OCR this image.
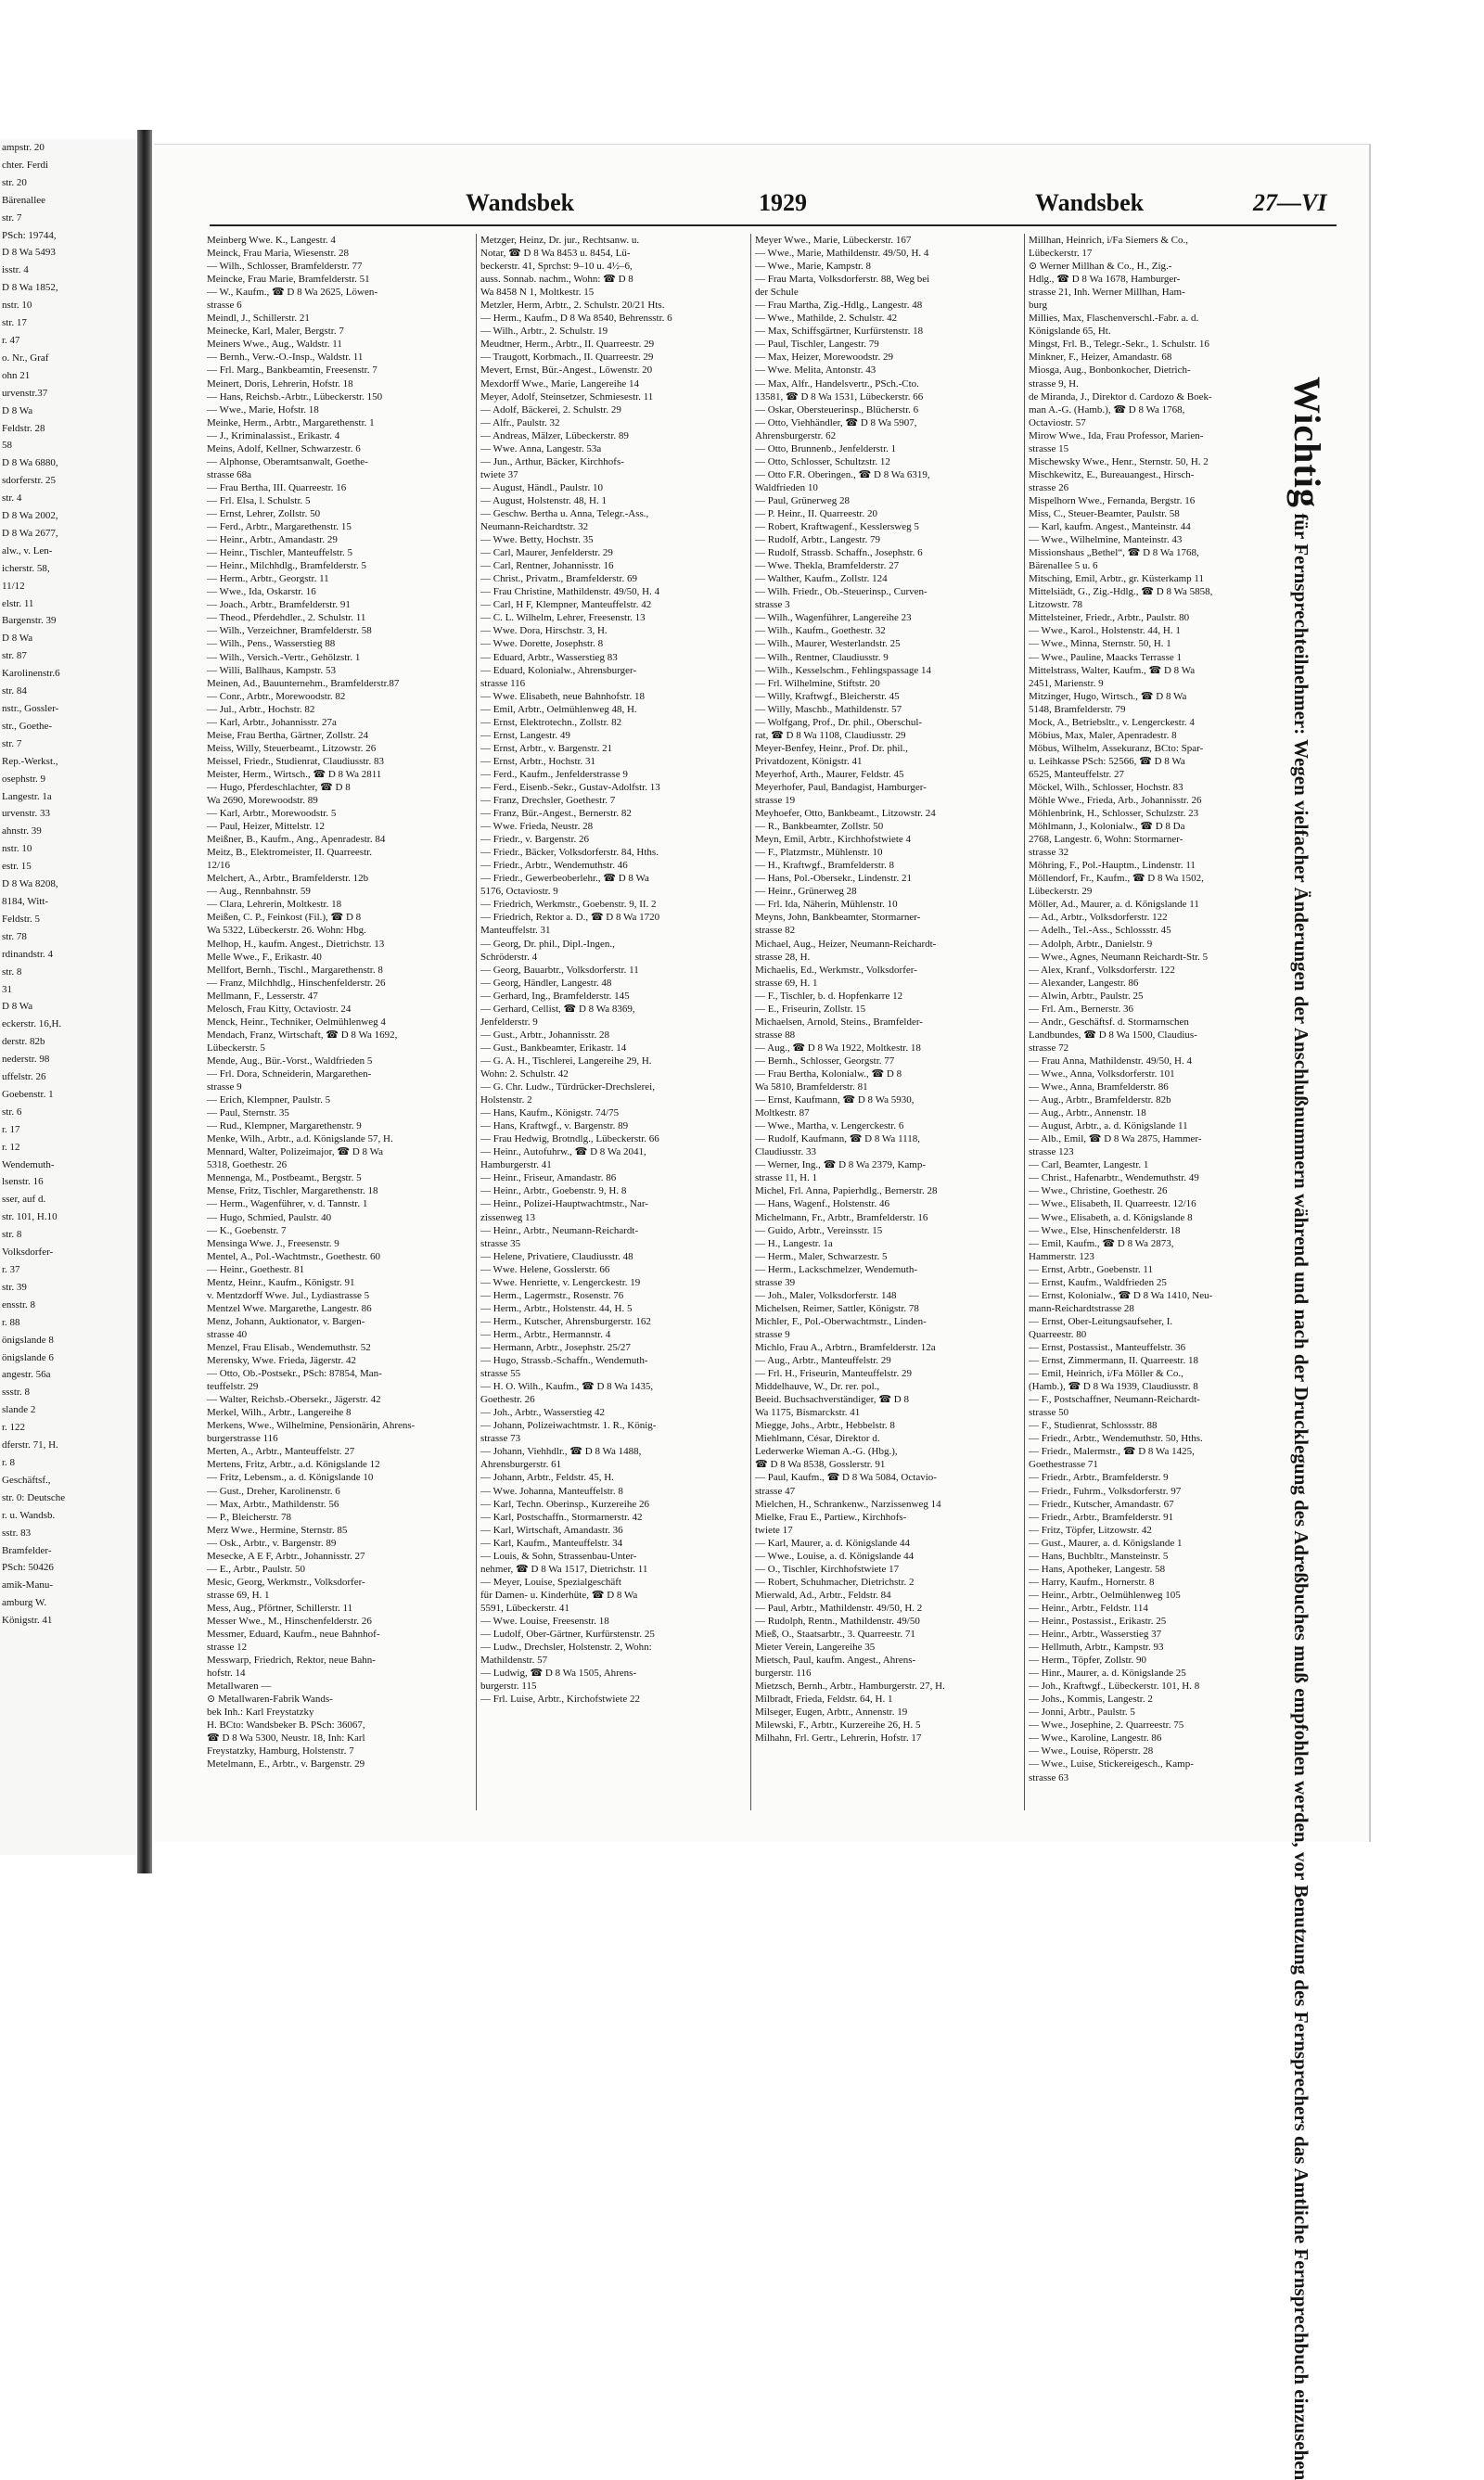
ampstr. 20
chter. Ferdi
str. 20
Bärenallee
str. 7
PSch: 19744,
D 8 Wa 5493
isstr. 4
D 8 Wa 1852,
nstr. 10
str. 17
r. 47
o. Nr., Graf
ohn 21
urvenstr.37
D 8 Wa
Feldstr. 28
58
D 8 Wa 6880,
sdorferstr. 25
str. 4
D 8 Wa 2002,
D 8 Wa 2677,
alw., v. Len-
icherstr. 58,
11/12
elstr. 11
Bargenstr. 39
D 8 Wa
str. 87
Karolinenstr.6
str. 84
nstr., Gossler-
str., Goethe-
str. 7
Rep.-Werkst.,
osephstr. 9
Langestr. 1a
urvenstr. 33
ahnstr. 39
nstr. 10
estr. 15
D 8 Wa 8208,
8184, Witt-
Feldstr. 5
str. 78
rdinandstr. 4
str. 8
31
D 8 Wa
eckerstr. 16,H.
derstr. 82b
nederstr. 98
uffelstr. 26
Goebenstr. 1
str. 6
r. 17
r. 12
Wendemuth-
lsenstr. 16
sser, auf d.
str. 101, H.10
str. 8
Volksdorfer-
r. 37
str. 39
ensstr. 8
r. 88
önigslande 8
önigslande 6
angestr. 56a
ssstr. 8
slande 2
r. 122
dferstr. 71, H.
r. 8
Geschäftsf.,
str. 0: Deutsche
r. u. Wandsb.
sstr. 83
Bramfelder-
PSch: 50426
amik-Manu-
amburg W.
Königstr. 41
Wandsbek	1929	Wandsbek	27—VI
Meinberg Wwe. K., Langestr. 4
Meinck, Frau Maria, Wiesenstr. 28
— Wilh., Schlosser, Bramfelderstr. 77
Meincke, Frau Marie, Bramfelderstr. 51
— W., Kaufm., ☎ D 8 Wa 2625, Löwen-
strasse 6
Meindl, J., Schillerstr. 21
Meinecke, Karl, Maler, Bergstr. 7
Meiners Wwe., Aug., Waldstr. 11
— Bernh., Verw.-O.-Insp., Waldstr. 11
— Frl. Marg., Bankbeamtin, Freesenstr. 7
Meinert, Doris, Lehrerin, Hofstr. 18
— Hans, Reichsb.-Arbtr., Lübeckerstr. 150
— Wwe., Marie, Hofstr. 18
Meinke, Herm., Arbtr., Margarethenstr. 1
— J., Kriminalassist., Erikastr. 4
Meins, Adolf, Kellner, Schwarzestr. 6
— Alphonse, Oberamtsanwalt, Goethe-
strasse 68a
— Frau Bertha, III. Quarreestr. 16
— Frl. Elsa, l. Schulstr. 5
— Ernst, Lehrer, Zollstr. 50
— Ferd., Arbtr., Margarethenstr. 15
— Heinr., Arbtr., Amandastr. 29
— Heinr., Tischler, Manteuffelstr. 5
— Heinr., Milchhdlg., Bramfelderstr. 5
— Herm., Arbtr., Georgstr. 11
— Wwe., Ida, Oskarstr. 16
— Joach., Arbtr., Bramfelderstr. 91
— Theod., Pferdehdler., 2. Schulstr. 11
— Wilh., Verzeichner, Bramfelderstr. 58
— Wilh., Pens., Wasserstieg 88
— Wilh., Versich.-Vertr., Gehölzstr. 1
— Willi, Ballhaus, Kampstr. 53
Meinen, Ad., Bauunternehm., Bramfelderstr.87
— Conr., Arbtr., Morewoodstr. 82
— Jul., Arbtr., Hochstr. 82
— Karl, Arbtr., Johannisstr. 27a
Meise, Frau Bertha, Gärtner, Zollstr. 24
Meiss, Willy, Steuerbeamt., Litzowstr. 26
Meissel, Friedr., Studienrat, Claudiusstr. 83
Meister, Herm., Wirtsch., ☎ D 8 Wa 2811
— Hugo, Pferdeschlachter, ☎ D 8
Wa 2690, Morewoodstr. 89
— Karl, Arbtr., Morewoodstr. 5
— Paul, Heizer, Mittelstr. 12
Meißner, B., Kaufm., Ang., Apenradestr. 84
Meitz, B., Elektromeister, II. Quarreestr.
12/16
Melchert, A., Arbtr., Bramfelderstr. 12b
— Aug., Rennbahnstr. 59
— Clara, Lehrerin, Moltkestr. 18
Meißen, C. P., Feinkost (Fil.), ☎ D 8
Wa 5322, Lübeckerstr. 26. Wohn: Hbg.
Melhop, H., kaufm. Angest., Dietrichstr. 13
Melle Wwe., F., Erikastr. 40
Mellfort, Bernh., Tischl., Margarethenstr. 8
— Franz, Milchhdlg., Hinschenfelderstr. 26
Mellmann, F., Lesserstr. 47
Melosch, Frau Kitty, Octaviostr. 24
Menck, Heinr., Techniker, Oelmühlenweg 4
Mendach, Franz, Wirtschaft, ☎ D 8 Wa 1692,
Lübeckerstr. 5
Mende, Aug., Bür.-Vorst., Waldfrieden 5
— Frl. Dora, Schneiderin, Margarethen-
strasse 9
— Erich, Klempner, Paulstr. 5
— Paul, Sternstr. 35
— Rud., Klempner, Margarethenstr. 9
Menke, Wilh., Arbtr., a.d. Königslande 57, H.
Mennard, Walter, Polizeimajor, ☎ D 8 Wa
5318, Goethestr. 26
Mennenga, M., Postbeamt., Bergstr. 5
Mense, Fritz, Tischler, Margarethenstr. 18
— Herm., Wagenführer, v. d. Tannstr. 1
— Hugo, Schmied, Paulstr. 40
— K., Goebenstr. 7
Mensinga Wwe. J., Freesenstr. 9
Mentel, A., Pol.-Wachtmstr., Goethestr. 60
— Heinr., Goethestr. 81
Mentz, Heinr., Kaufm., Königstr. 91
v. Mentzdorff Wwe. Jul., Lydiastrasse 5
Mentzel Wwe. Margarethe, Langestr. 86
Menz, Johann, Auktionator, v. Bargen-
strasse 40
Menzel, Frau Elisab., Wendemuthstr. 52
Merensky, Wwe. Frieda, Jägerstr. 42
— Otto, Ob.-Postsekr., PSch: 87854, Man-
teuffelstr. 29
— Walter, Reichsb.-Obersekr., Jägerstr. 42
Merkel, Wilh., Arbtr., Langereihe 8
Merkens, Wwe., Wilhelmine, Pensionärin, Ahrens-
burgerstrasse 116
Merten, A., Arbtr., Manteuffelstr. 27
Mertens, Fritz, Arbtr., a.d. Königslande 12
— Fritz, Lebensm., a. d. Königslande 10
— Gust., Dreher, Karolinenstr. 6
— Max, Arbtr., Mathildenstr. 56
— P., Bleicherstr. 78
Merz Wwe., Hermine, Sternstr. 85
— Osk., Arbtr., v. Bargenstr. 89
Mesecke, A E F, Arbtr., Johannisstr. 27
— E., Arbtr., Paulstr. 50
Mesic, Georg, Werkmstr., Volksdorfer-
strasse 69, H. 1
Mess, Aug., Pförtner, Schillerstr. 11
Messer Wwe., M., Hinschenfelderstr. 26
Messmer, Eduard, Kaufm., neue Bahnhof-
strasse 12
Messwarp, Friedrich, Rektor, neue Bahn-
hofstr. 14
Metallwaren —
⊙ Metallwaren-Fabrik Wands-
bek Inh.: Karl Freystatzky
H. BCto: Wandsbeker B. PSch: 36067,
☎ D 8 Wa 5300, Neustr. 18, Inh: Karl
Freystatzky, Hamburg, Holstenstr. 7
Metelmann, E., Arbtr., v. Bargenstr. 29
Metzger, Heinz, Dr. jur., Rechtsanw. u.
Notar, ☎ D 8 Wa 8453 u. 8454, Lü-
beckerstr. 41, Sprchst: 9–10 u. 4½–6,
auss. Sonnab. nachm., Wohn: ☎ D 8
Wa 8458 N 1, Moltkestr. 15
Metzler, Herm, Arbtr., 2. Schulstr. 20/21 Hts.
— Herm., Kaufm., D 8 Wa 8540, Behrensstr. 6
— Wilh., Arbtr., 2. Schulstr. 19
Meudtner, Herm., Arbtr., II. Quarreestr. 29
— Traugott, Korbmach., II. Quarreestr. 29
Mevert, Ernst, Bür.-Angest., Löwenstr. 20
Mexdorff Wwe., Marie, Langereihe 14
Meyer, Adolf, Steinsetzer, Schmiesestr. 11
— Adolf, Bäckerei, 2. Schulstr. 29
— Alfr., Paulstr. 32
— Andreas, Mälzer, Lübeckerstr. 89
— Wwe. Anna, Langestr. 53a
— Jun., Arthur, Bäcker, Kirchhofs-
twiete 37
— August, Händl., Paulstr. 10
— August, Holstenstr. 48, H. 1
— Geschw. Bertha u. Anna, Telegr.-Ass.,
Neumann-Reichardtstr. 32
— Wwe. Betty, Hochstr. 35
— Carl, Maurer, Jenfelderstr. 29
— Carl, Rentner, Johannisstr. 16
— Christ., Privatm., Bramfelderstr. 69
— Frau Christine, Mathildenstr. 49/50, H. 4
— Carl, H F, Klempner, Manteuffelstr. 42
— C. L. Wilhelm, Lehrer, Freesenstr. 13
— Wwe. Dora, Hirschstr. 3, H.
— Wwe. Dorette, Josephstr. 8
— Eduard, Arbtr., Wasserstieg 83
— Eduard, Kolonialw., Ahrensburger-
strasse 116
— Wwe. Elisabeth, neue Bahnhofstr. 18
— Emil, Arbtr., Oelmühlenweg 48, H.
— Ernst, Elektrotechn., Zollstr. 82
— Ernst, Langestr. 49
— Ernst, Arbtr., v. Bargenstr. 21
— Ernst, Arbtr., Hochstr. 31
— Ferd., Kaufm., Jenfelderstrasse 9
— Ferd., Eisenb.-Sekr., Gustav-Adolfstr. 13
— Franz, Drechsler, Goethestr. 7
— Franz, Bür.-Angest., Bernerstr. 82
— Wwe. Frieda, Neustr. 28
— Friedr., v. Bargenstr. 26
— Friedr., Bäcker, Volksdorferstr. 84, Hths.
— Friedr., Arbtr., Wendemuthstr. 46
— Friedr., Gewerbeoberlehr., ☎ D 8 Wa
5176, Octaviostr. 9
— Friedrich, Werkmstr., Goebenstr. 9, II. 2
— Friedrich, Rektor a. D., ☎ D 8 Wa 1720
Manteuffelstr. 31
— Georg, Dr. phil., Dipl.-Ingen.,
Schröderstr. 4
— Georg, Bauarbtr., Volksdorferstr. 11
— Georg, Händler, Langestr. 48
— Gerhard, Ing., Bramfelderstr. 145
— Gerhard, Cellist, ☎ D 8 Wa 8369,
Jenfelderstr. 9
— Gust., Arbtr., Johannisstr. 28
— Gust., Bankbeamter, Erikastr. 14
— G. A. H., Tischlerei, Langereihe 29, H.
Wohn: 2. Schulstr. 42
— G. Chr. Ludw., Türdrücker-Drechslerei,
Holstenstr. 2
— Hans, Kaufm., Königstr. 74/75
— Hans, Kraftwgf., v. Bargenstr. 89
— Frau Hedwig, Brotndlg., Lübeckerstr. 66
— Heinr., Autofuhrw., ☎ D 8 Wa 2041,
Hamburgerstr. 41
— Heinr., Friseur, Amandastr. 86
— Heinr., Arbtr., Goebenstr. 9, H. 8
— Heinr., Polizei-Hauptwachtmstr., Nar-
zissenweg 13
— Heinr., Arbtr., Neumann-Reichardt-
strasse 35
— Helene, Privatiere, Claudiusstr. 48
— Wwe. Helene, Gosslerstr. 66
— Wwe. Henriette, v. Lengerckestr. 19
— Herm., Lagermstr., Rosenstr. 76
— Herm., Arbtr., Holstenstr. 44, H. 5
— Herm., Kutscher, Ahrensburgerstr. 162
— Herm., Arbtr., Hermannstr. 4
— Hermann, Arbtr., Josephstr. 25/27
— Hugo, Strassb.-Schaffn., Wendemuth-
strasse 55
— H. O. Wilh., Kaufm., ☎ D 8 Wa 1435,
Goethestr. 26
— Joh., Arbtr., Wasserstieg 42
— Johann, Polizeiwachtmstr. 1. R., König-
strasse 73
— Johann, Viehhdlr., ☎ D 8 Wa 1488,
Ahrensburgerstr. 61
— Johann, Arbtr., Feldstr. 45, H.
— Wwe. Johanna, Manteuffelstr. 8
— Karl, Techn. Oberinsp., Kurzereihe 26
— Karl, Postschaffn., Stormarnerstr. 42
— Karl, Wirtschaft, Amandastr. 36
— Karl, Kaufm., Manteuffelstr. 34
— Louis, & Sohn, Strassenbau-Unter-
nehmer, ☎ D 8 Wa 1517, Dietrichstr. 11
— Meyer, Louise, Spezialgeschäft
für Damen- u. Kinderhüte, ☎ D 8 Wa
5591, Lübeckerstr. 41
— Wwe. Louise, Freesenstr. 18
— Ludolf, Ober-Gärtner, Kurfürstenstr. 25
— Ludw., Drechsler, Holstenstr. 2, Wohn:
Mathildenstr. 57
— Ludwig, ☎ D 8 Wa 1505, Ahrens-
burgerstr. 115
— Frl. Luise, Arbtr., Kirchofstwiete 22
Meyer Wwe., Marie, Lübeckerstr. 167
— Wwe., Marie, Mathildenstr. 49/50, H. 4
— Wwe., Marie, Kampstr. 8
— Frau Marta, Volksdorferstr. 88, Weg bei
der Schule
— Frau Martha, Zig.-Hdlg., Langestr. 48
— Wwe., Mathilde, 2. Schulstr. 42
— Max, Schiffsgärtner, Kurfürstenstr. 18
— Paul, Tischler, Langestr. 79
— Max, Heizer, Morewoodstr. 29
— Wwe. Melita, Antonstr. 43
— Max, Alfr., Handelsvertr., PSch.-Cto.
13581, ☎ D 8 Wa 1531, Lübeckerstr. 66
— Oskar, Obersteuerinsp., Blücherstr. 6
— Otto, Viehhändler, ☎ D 8 Wa 5907,
Ahrensburgerstr. 62
— Otto, Brunnenb., Jenfelderstr. 1
— Otto, Schlosser, Schultzstr. 12
— Otto F.R. Oberingen., ☎ D 8 Wa 6319,
Waldfrieden 10
— Paul, Grünerweg 28
— P. Heinr., II. Quarreestr. 20
— Robert, Kraftwagenf., Kesslersweg 5
— Rudolf, Arbtr., Langestr. 79
— Rudolf, Strassb. Schaffn., Josephstr. 6
— Wwe. Thekla, Bramfelderstr. 27
— Walther, Kaufm., Zollstr. 124
— Wilh. Friedr., Ob.-Steuerinsp., Curven-
strasse 3
— Wilh., Wagenführer, Langereihe 23
— Wilh., Kaufm., Goethestr. 32
— Wilh., Maurer, Westerlandstr. 25
— Wilh., Rentner, Claudiusstr. 9
— Wilh., Kesselschm., Fehlingspassage 14
— Frl. Wilhelmine, Stiftstr. 20
— Willy, Kraftwgf., Bleicherstr. 45
— Willy, Maschb., Mathildenstr. 57
— Wolfgang, Prof., Dr. phil., Oberschul-
rat, ☎ D 8 Wa 1108, Claudiusstr. 29
Meyer-Benfey, Heinr., Prof. Dr. phil.,
Privatdozent, Königstr. 41
Meyerhof, Arth., Maurer, Feldstr. 45
Meyerhofer, Paul, Bandagist, Hamburger-
strasse 19
Meyhoefer, Otto, Bankbeamt., Litzowstr. 24
— R., Bankbeamter, Zollstr. 50
Meyn, Emil, Arbtr., Kirchhofstwiete 4
— F., Platzmstr., Mühlenstr. 10
— H., Kraftwgf., Bramfelderstr. 8
— Hans, Pol.-Obersekr., Lindenstr. 21
— Heinr., Grünerweg 28
— Frl. Ida, Näherin, Mühlenstr. 10
Meyns, John, Bankbeamter, Stormarner-
strasse 82
Michael, Aug., Heizer, Neumann-Reichardt-
strasse 28, H.
Michaelis, Ed., Werkmstr., Volksdorfer-
strasse 69, H. 1
— F., Tischler, b. d. Hopfenkarre 12
— E., Friseurin, Zollstr. 15
Michaelsen, Arnold, Steins., Bramfelder-
strasse 88
— Aug., ☎ D 8 Wa 1922, Moltkestr. 18
— Bernh., Schlosser, Georgstr. 77
— Frau Bertha, Kolonialw., ☎ D 8
Wa 5810, Bramfelderstr. 81
— Ernst, Kaufmann, ☎ D 8 Wa 5930,
Moltkestr. 87
— Wwe., Martha, v. Lengerckestr. 6
— Rudolf, Kaufmann, ☎ D 8 Wa 1118,
Claudiusstr. 33
— Werner, Ing., ☎ D 8 Wa 2379, Kamp-
strasse 11, H. 1
Michel, Frl. Anna, Papierhdlg., Bernerstr. 28
— Hans, Wagenf., Holstenstr. 46
Michelmann, Fr., Arbtr., Bramfelderstr. 16
— Guido, Arbtr., Vereinsstr. 15
— H., Langestr. 1a
— Herm., Maler, Schwarzestr. 5
— Herm., Lackschmelzer, Wendemuth-
strasse 39
— Joh., Maler, Volksdorferstr. 148
Michelsen, Reimer, Sattler, Königstr. 78
Michler, F., Pol.-Oberwachtmstr., Linden-
strasse 9
Michlo, Frau A., Arbtrn., Bramfelderstr. 12a
— Aug., Arbtr., Manteuffelstr. 29
— Frl. H., Friseurin, Manteuffelstr. 29
Middelhauve, W., Dr. rer. pol.,
Beeid. Buchsachverständiger, ☎ D 8
Wa 1175, Bismarckstr. 41
Miegge, Johs., Arbtr., Hebbelstr. 8
Miehlmann, César, Direktor d.
Lederwerke Wieman A.-G. (Hbg.),
☎ D 8 Wa 8538, Gosslerstr. 91
— Paul, Kaufm., ☎ D 8 Wa 5084, Octavio-
strasse 47
Mielchen, H., Schrankenw., Narzissenweg 14
Mielke, Frau E., Partiew., Kirchhofs-
twiete 17
— Karl, Maurer, a. d. Königslande 44
— Wwe., Louise, a. d. Königslande 44
— O., Tischler, Kirchhofstwiete 17
— Robert, Schuhmacher, Dietrichstr. 2
Mierwald, Ad., Arbtr., Feldstr. 84
— Paul, Arbtr., Mathildenstr. 49/50, H. 2
— Rudolph, Rentn., Mathildenstr. 49/50
Mieß, O., Staatsarbtr., 3. Quarreestr. 71
Mieter Verein, Langereihe 35
Mietsch, Paul, kaufm. Angest., Ahrens-
burgerstr. 116
Mietzsch, Bernh., Arbtr., Hamburgerstr. 27, H.
Milbradt, Frieda, Feldstr. 64, H. 1
Milseger, Eugen, Arbtr., Annenstr. 19
Milewski, F., Arbtr., Kurzereihe 26, H. 5
Milhahn, Frl. Gertr., Lehrerin, Hofstr. 17
Millhan, Heinrich, i/Fa Siemers & Co.,
Lübeckerstr. 17
⊙ Werner Millhan & Co., H., Zig.-
Hdlg., ☎ D 8 Wa 1678, Hamburger-
strasse 21, Inh. Werner Millhan, Ham-
burg
Millies, Max, Flaschenverschl.-Fabr. a. d.
Königslande 65, Ht.
Mingst, Frl. B., Telegr.-Sekr., 1. Schulstr. 16
Minkner, F., Heizer, Amandastr. 68
Miosga, Aug., Bonbonkocher, Dietrich-
strasse 9, H.
de Miranda, J., Direktor d. Cardozo & Boek-
man A.-G. (Hamb.), ☎ D 8 Wa 1768,
Octaviostr. 57
Mirow Wwe., Ida, Frau Professor, Marien-
strasse 15
Mischewsky Wwe., Henr., Sternstr. 50, H. 2
Mischkewitz, E., Bureauangest., Hirsch-
strasse 26
Mispelhorn Wwe., Fernanda, Bergstr. 16
Miss, C., Steuer-Beamter, Paulstr. 58
— Karl, kaufm. Angest., Manteinstr. 44
— Wwe., Wilhelmine, Manteinstr. 43
Missionshaus „Bethel“, ☎ D 8 Wa 1768,
Bärenallee 5 u. 6
Mitsching, Emil, Arbtr., gr. Küsterkamp 11
Mittelsiädt, G., Zig.-Hdlg., ☎ D 8 Wa 5858,
Litzowstr. 78
Mittelsteiner, Friedr., Arbtr., Paulstr. 80
— Wwe., Karol., Holstenstr. 44, H. 1
— Wwe., Minna, Sternstr. 50, H. 1
— Wwe., Pauline, Maacks Terrasse 1
Mittelstrass, Walter, Kaufm., ☎ D 8 Wa
2451, Marienstr. 9
Mitzinger, Hugo, Wirtsch., ☎ D 8 Wa
5148, Bramfelderstr. 79
Mock, A., Betriebsltr., v. Lengerckestr. 4
Möbius, Max, Maler, Apenradestr. 8
Möbus, Wilhelm, Assekuranz, BCto: Spar-
u. Leihkasse PSch: 52566, ☎ D 8 Wa
6525, Manteuffelstr. 27
Möckel, Wilh., Schlosser, Hochstr. 83
Möhle Wwe., Frieda, Arb., Johannisstr. 26
Möhlenbrink, H., Schlosser, Schulzstr. 23
Möhlmann, J., Kolonialw., ☎ D 8 Da
2768, Langestr. 6, Wohn: Stormarner-
strasse 32
Möhring, F., Pol.-Hauptm., Lindenstr. 11
Möllendorf, Fr., Kaufm., ☎ D 8 Wa 1502,
Lübeckerstr. 29
Möller, Ad., Maurer, a. d. Königslande 11
— Ad., Arbtr., Volksdorferstr. 122
— Adelh., Tel.-Ass., Schlossstr. 45
— Adolph, Arbtr., Danielstr. 9
— Wwe., Agnes, Neumann Reichardt-Str. 5
— Alex, Kranf., Volksdorferstr. 122
— Alexander, Langestr. 86
— Alwin, Arbtr., Paulstr. 25
— Frl. Am., Bernerstr. 36
— Andr., Geschäftsf. d. Stormarnschen
Landbundes, ☎ D 8 Wa 1500, Claudius-
strasse 72
— Frau Anna, Mathildenstr. 49/50, H. 4
— Wwe., Anna, Volksdorferstr. 101
— Wwe., Anna, Bramfelderstr. 86
— Aug., Arbtr., Bramfelderstr. 82b
— Aug., Arbtr., Annenstr. 18
— August, Arbtr., a. d. Königslande 11
— Alb., Emil, ☎ D 8 Wa 2875, Hammer-
strasse 123
— Carl, Beamter, Langestr. 1
— Christ., Hafenarbtr., Wendemuthstr. 49
— Wwe., Christine, Goethestr. 26
— Wwe., Elisabeth, II. Quarreestr. 12/16
— Wwe., Elisabeth, a. d. Königslande 8
— Wwe., Else, Hinschenfelderstr. 18
— Emil, Kaufm., ☎ D 8 Wa 2873,
Hammerstr. 123
— Ernst, Arbtr., Goebenstr. 11
— Ernst, Kaufm., Waldfrieden 25
— Ernst, Kolonialw., ☎ D 8 Wa 1410, Neu-
mann-Reichardtstrasse 28
— Ernst, Ober-Leitungsaufseher, I.
Quarreestr. 80
— Ernst, Postassist., Manteuffelstr. 36
— Ernst, Zimmermann, II. Quarreestr. 18
— Emil, Heinrich, i/Fa Möller & Co.,
(Hamb.), ☎ D 8 Wa 1939, Claudiusstr. 8
— F., Postschaffner, Neumann-Reichardt-
strasse 50
— F., Studienrat, Schlossstr. 88
— Friedr., Arbtr., Wendemuthstr. 50, Hths.
— Friedr., Malermstr., ☎ D 8 Wa 1425,
Goethestrasse 71
— Friedr., Arbtr., Bramfelderstr. 9
— Friedr., Fuhrm., Volksdorferstr. 97
— Friedr., Kutscher, Amandastr. 67
— Friedr., Arbtr., Bramfelderstr. 91
— Fritz, Töpfer, Litzowstr. 42
— Gust., Maurer, a. d. Königslande 1
— Hans, Buchbltr., Mansteinstr. 5
— Hans, Apotheker, Langestr. 58
— Harry, Kaufm., Hornerstr. 8
— Heinr., Arbtr., Oelmühlenweg 105
— Heinr., Arbtr., Feldstr. 114
— Heinr., Postassist., Erikastr. 25
— Heinr., Arbtr., Wasserstieg 37
— Hellmuth, Arbtr., Kampstr. 93
— Herm., Töpfer, Zollstr. 90
— Hinr., Maurer, a. d. Königslande 25
— Joh., Kraftwgf., Lübeckerstr. 101, H. 8
— Johs., Kommis, Langestr. 2
— Jonni, Arbtr., Paulstr. 5
— Wwe., Josephine, 2. Quarreestr. 75
— Wwe., Karoline, Langestr. 86
— Wwe., Louise, Röperstr. 28
— Wwe., Luise, Stickereigesch., Kamp-
strasse 63
Wichtig für Fernsprechteilnehmer: Wegen vielfacher Änderungen der Anschlußnummern während und nach der Drucklegung des Adreßbuches muß empfohlen werden, vor Benutzung des Fernsprechers das Amtliche Fernsprechbuch einzusehen
